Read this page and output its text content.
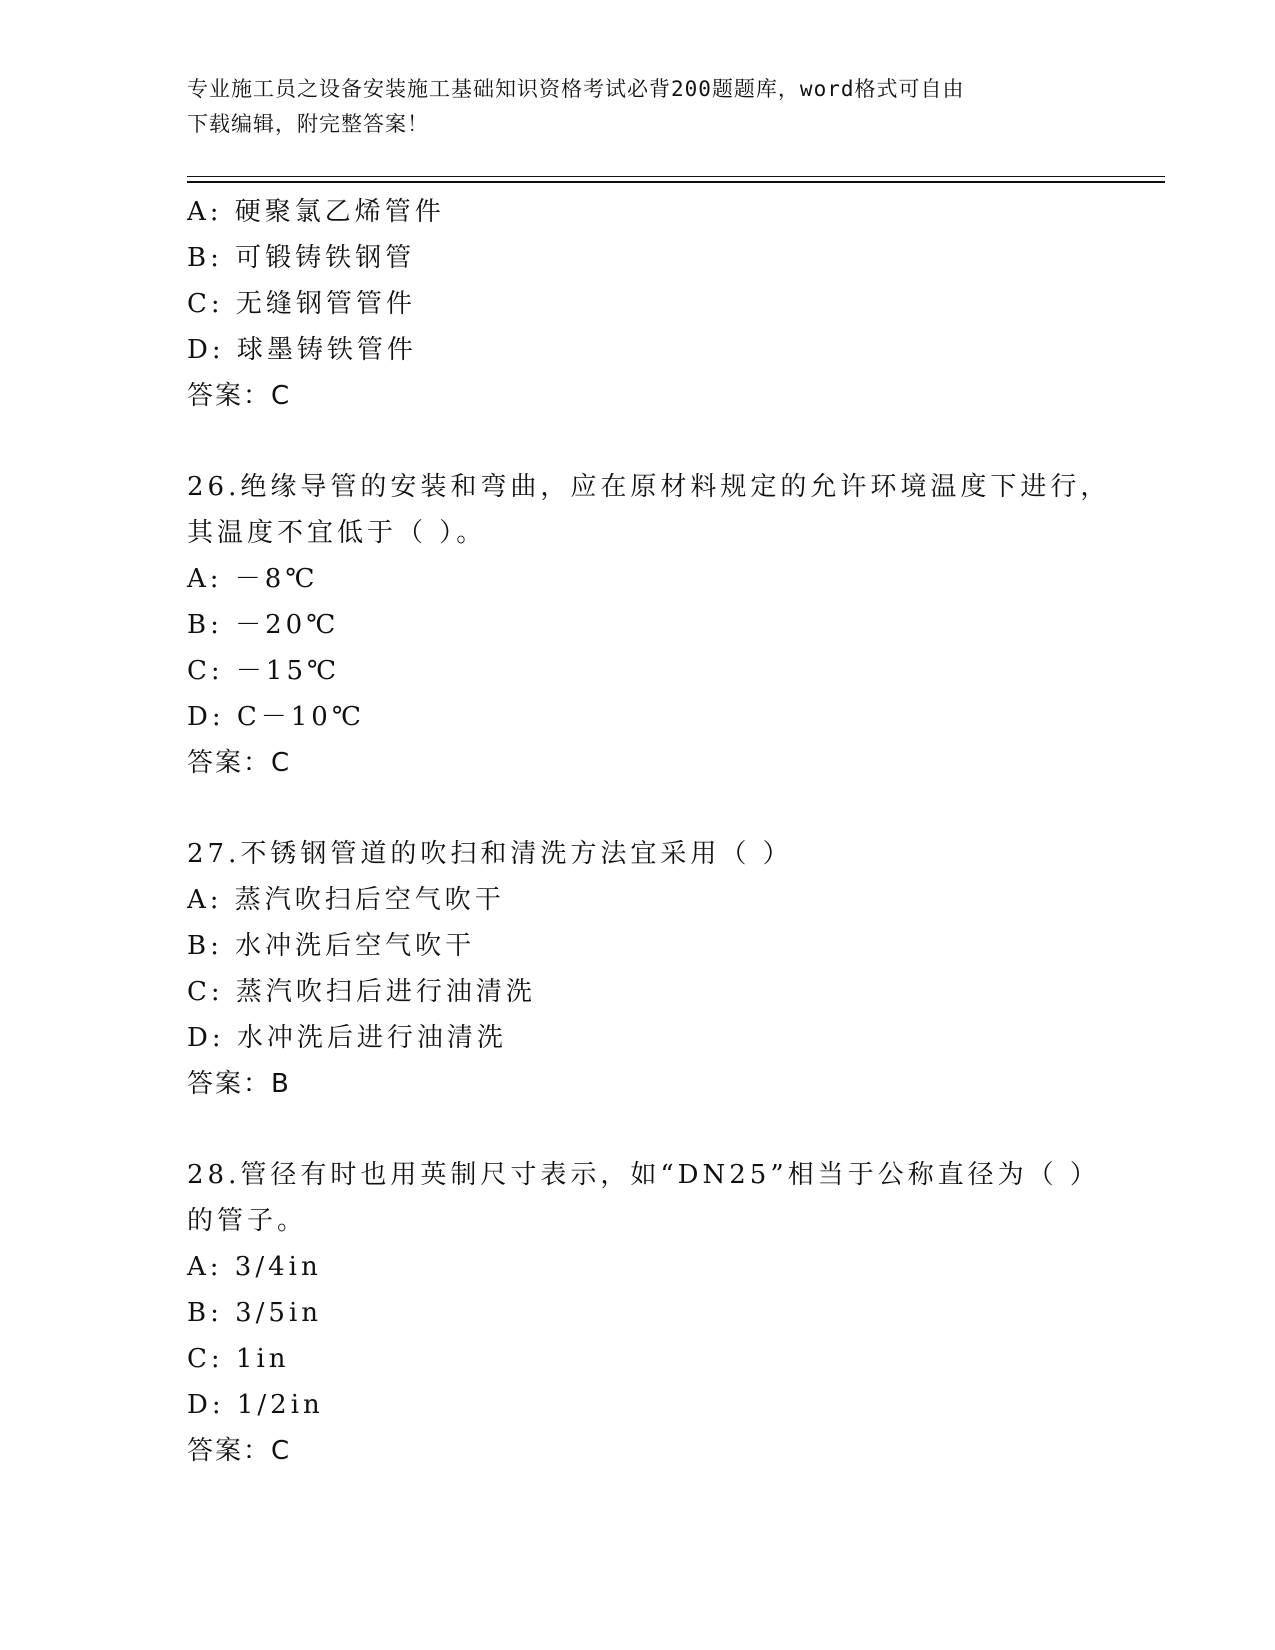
专业施工员之设备安装施工基础知识资格考试必背200题题库，word格式可自由
下载编辑，附完整答案！
A: 硬聚氯乙烯管件
B: 可锻铸铁钢管
C: 无缝钢管管件
D: 球墨铸铁管件
答案：C
26.绝缘导管的安装和弯曲，应在原材料规定的允许环境温度下进行，
其温度不宜低于（ ）。
A: －8℃
B: －20℃
C: －15℃
D: C－10℃
答案：C
27.不锈钢管道的吹扫和清洗方法宜采用（ ）
A: 蒸汽吹扫后空气吹干
B: 水冲洗后空气吹干
C: 蒸汽吹扫后进行油清洗
D: 水冲洗后进行油清洗
答案：B
28.管径有时也用英制尺寸表示，如“DN25”相当于公称直径为（ ）
的管子。
A: 3/4in
B: 3/5in
C: 1in
D: 1/2in
答案：C
